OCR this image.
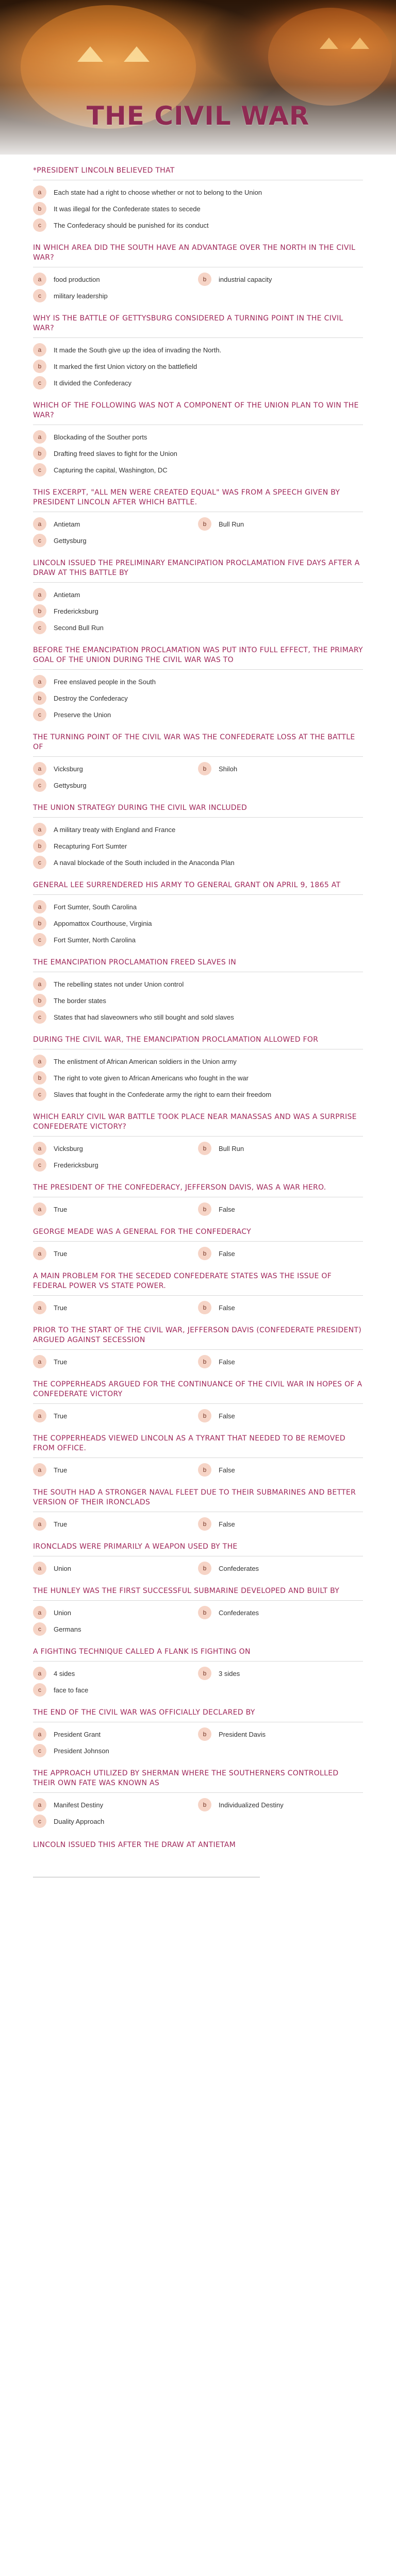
THE CIVIL WAR
*PRESIDENT LINCOLN BELIEVED THAT
a	Each state had a right to choose whether or not to belong to the Union
b	It was illegal for the Confederate states to secede
c	The Confederacy should be punished for its conduct
IN WHICH AREA DID THE SOUTH HAVE AN ADVANTAGE OVER THE NORTH IN THE CIVIL WAR?
a	food production	b	industrial capacity
c	military leadership
WHY IS THE BATTLE OF GETTYSBURG CONSIDERED A TURNING POINT IN THE CIVIL WAR?
a	It made the South give up the idea of invading the North.
b	It marked the first Union victory on the battlefield
c	It divided the Confederacy
WHICH OF THE FOLLOWING WAS NOT A COMPONENT OF THE UNION PLAN TO WIN THE WAR?
a	Blockading of the Souther ports
b	Drafting freed slaves to fight for the Union
c	Capturing the capital, Washington, DC
THIS EXCERPT, "ALL MEN WERE CREATED EQUAL" WAS FROM A SPEECH GIVEN BY PRESIDENT LINCOLN AFTER WHICH BATTLE.
a	Antietam	b	Bull Run
c	Gettysburg
LINCOLN ISSUED THE PRELIMINARY EMANCIPATION PROCLAMATION FIVE DAYS AFTER A DRAW AT THIS BATTLE BY
a	Antietam
b	Fredericksburg
c	Second Bull Run
BEFORE THE EMANCIPATION PROCLAMATION WAS PUT INTO FULL EFFECT, THE PRIMARY GOAL OF THE UNION DURING THE CIVIL WAR WAS TO
a	Free enslaved people in the South
b	Destroy the Confederacy
c	Preserve the Union
THE TURNING POINT OF THE CIVIL WAR WAS THE CONFEDERATE LOSS AT THE BATTLE OF
a	Vicksburg	b	Shiloh
c	Gettysburg
THE UNION STRATEGY DURING THE CIVIL WAR INCLUDED
a	A military treaty with England and France
b	Recapturing Fort Sumter
c	A naval blockade of the South included in the Anaconda Plan
GENERAL LEE SURRENDERED HIS ARMY TO GENERAL GRANT ON APRIL 9, 1865 AT
a	Fort Sumter, South Carolina
b	Appomattox Courthouse, Virginia
c	Fort Sumter, North Carolina
THE EMANCIPATION PROCLAMATION FREED SLAVES IN
a	The rebelling states not under Union control
b	The border states
c	States that had slaveowners who still bought and sold slaves
DURING THE CIVIL WAR, THE EMANCIPATION PROCLAMATION ALLOWED FOR
a	The enlistment of African American soldiers in the Union army
b	The right to vote given to African Americans who fought in the war
c	Slaves that fought in the Confederate army the right to earn their freedom
WHICH EARLY CIVIL WAR BATTLE TOOK PLACE NEAR MANASSAS AND WAS A SURPRISE CONFEDERATE VICTORY?
a	Vicksburg	b	Bull Run
c	Fredericksburg
THE PRESIDENT OF THE CONFEDERACY, JEFFERSON DAVIS, WAS A WAR HERO.
a	True	b	False
GEORGE MEADE WAS A GENERAL FOR THE CONFEDERACY
a	True	b	False
A MAIN PROBLEM FOR THE SECEDED CONFEDERATE STATES WAS THE ISSUE OF FEDERAL POWER VS STATE POWER.
a	True	b	False
PRIOR TO THE START OF THE CIVIL WAR, JEFFERSON DAVIS (CONFEDERATE PRESIDENT) ARGUED AGAINST SECESSION
a	True	b	False
THE COPPERHEADS ARGUED FOR THE CONTINUANCE OF THE CIVIL WAR IN HOPES OF A CONFEDERATE VICTORY
a	True	b	False
THE COPPERHEADS VIEWED LINCOLN AS A TYRANT THAT NEEDED TO BE REMOVED FROM OFFICE.
a	True	b	False
THE SOUTH HAD A STRONGER NAVAL FLEET DUE TO THEIR SUBMARINES AND BETTER VERSION OF THEIR IRONCLADS
a	True	b	False
IRONCLADS WERE PRIMARILY A WEAPON USED BY THE
a	Union	b	Confederates
THE HUNLEY WAS THE FIRST SUCCESSFUL SUBMARINE DEVELOPED AND BUILT BY
a	Union	b	Confederates
c	Germans
A FIGHTING TECHNIQUE CALLED A FLANK IS FIGHTING ON
a	4 sides	b	3 sides
c	face to face
THE END OF THE CIVIL WAR WAS OFFICIALLY DECLARED BY
a	President Grant	b	President Davis
c	President Johnson
THE APPROACH UTILIZED BY SHERMAN WHERE THE SOUTHERNERS CONTROLLED THEIR OWN FATE WAS KNOWN AS
a	Manifest Destiny	b	Individualized Destiny
c	Duality Approach
LINCOLN ISSUED THIS AFTER THE DRAW AT ANTIETAM
